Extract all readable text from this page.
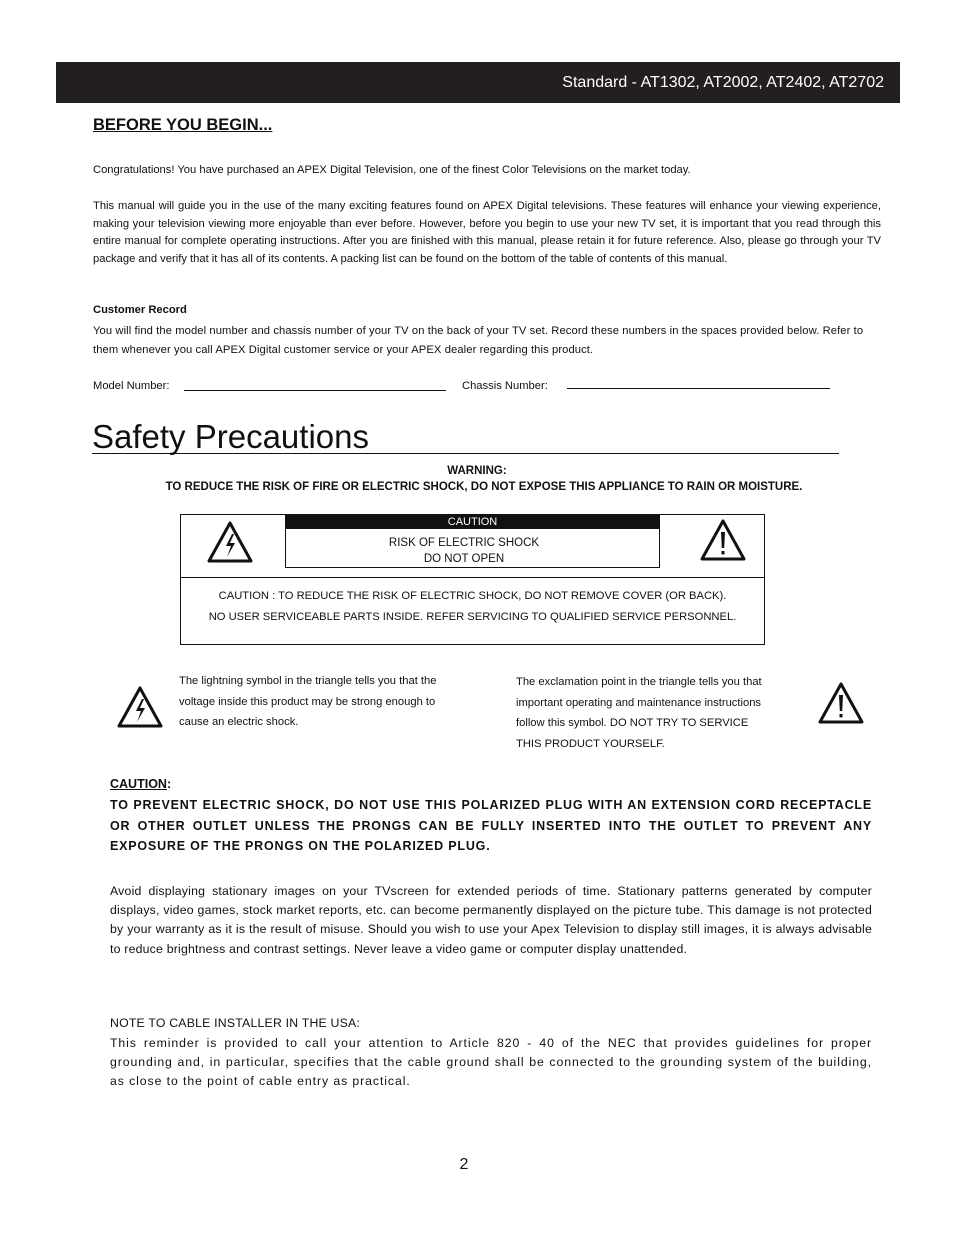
Standard - AT1302, AT2002, AT2402, AT2702
BEFORE YOU BEGIN...
Congratulations! You have purchased an APEX Digital Television, one of the finest Color Televisions on the market today.
This manual will guide you in the use of the many exciting features found on APEX Digital televisions. These features will enhance your viewing experience, making your television viewing more enjoyable than ever before. However, before you begin to use your new TV set, it is important that you read through this entire manual for complete operating instructions. After you are finished with this manual, please retain it for future reference. Also, please go through your TV package and verify that it has all of its contents. A packing list can be found on the bottom of the table of contents of this manual.
Customer Record
You will find the model number and chassis number of your TV on the back of your TV set. Record these numbers in the spaces provided below. Refer to them whenever you call APEX Digital customer service or your APEX dealer regarding this product.
Model Number:	Chassis Number:
Safety Precautions
WARNING:
TO REDUCE THE RISK OF FIRE OR ELECTRIC SHOCK, DO NOT EXPOSE THIS APPLIANCE TO RAIN OR MOISTURE.
CAUTION
RISK OF ELECTRIC SHOCK
DO NOT OPEN
CAUTION : TO REDUCE THE RISK OF ELECTRIC SHOCK, DO NOT REMOVE COVER (OR BACK).
NO USER SERVICEABLE PARTS INSIDE. REFER SERVICING TO QUALIFIED SERVICE PERSONNEL.
The lightning symbol in the triangle tells you that the
voltage inside this product may be strong enough to
cause an electric shock.
The exclamation point in the triangle tells you that
important operating and maintenance instructions
follow this symbol. DO NOT TRY TO SERVICE
THIS PRODUCT YOURSELF.
CAUTION:
TO PREVENT ELECTRIC SHOCK, DO NOT USE THIS POLARIZED PLUG WITH AN EXTENSION CORD RECEPTACLE OR OTHER OUTLET UNLESS THE PRONGS CAN BE FULLY INSERTED INTO THE OUTLET TO PREVENT ANY EXPOSURE OF THE PRONGS ON THE POLARIZED PLUG.
Avoid displaying stationary images on your TVscreen for extended periods of time. Stationary patterns generated by computer displays, video games, stock market reports, etc. can become permanently displayed on the picture tube. This damage is not protected by your warranty as it is the result of misuse. Should you wish to use your Apex Television to display still images, it is always advisable to reduce brightness and contrast settings. Never leave a video game or computer display unattended.
NOTE TO CABLE INSTALLER IN THE USA:
This reminder is provided to call your attention to Article 820 - 40 of the NEC that provides guidelines for proper grounding and, in particular, specifies that the cable ground shall be connected to the grounding system of the building, as close to the point of cable entry as practical.
2
